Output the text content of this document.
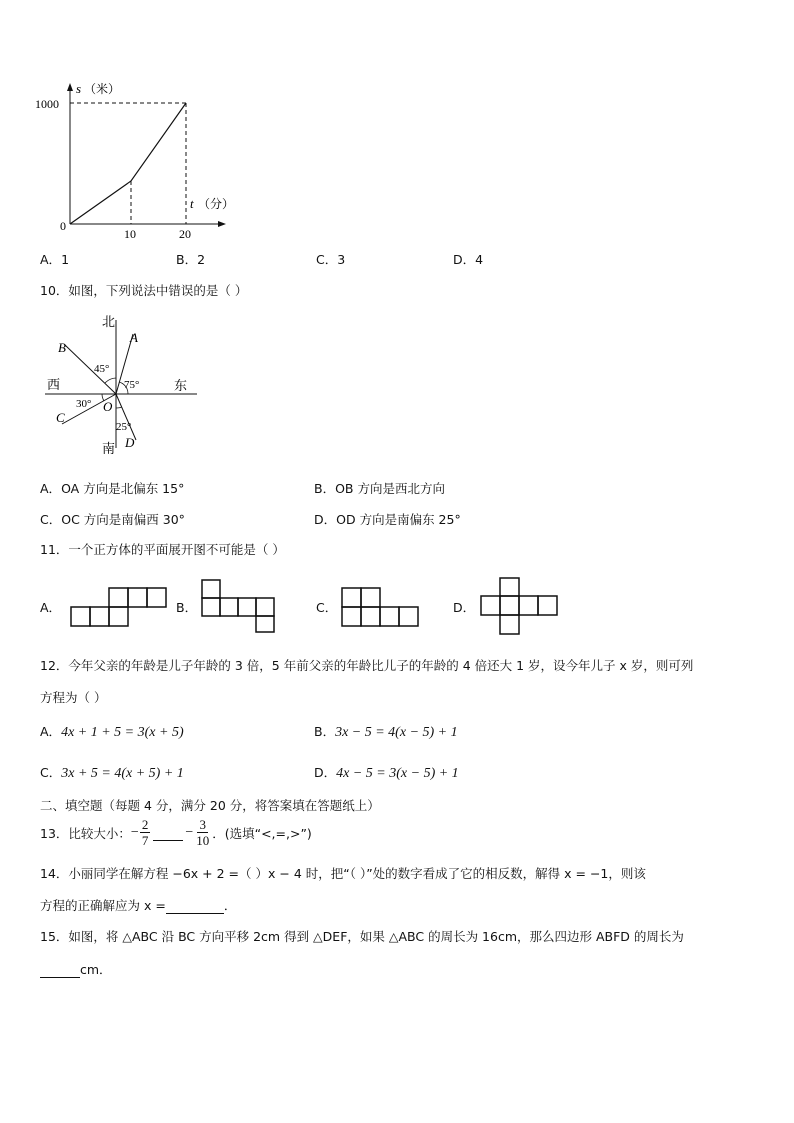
s （米）
1000
0
10	20
t （分）
A．1	B．2	C．3	D．4
10．如图，下列说法中错误的是（ ）
北
南
西	东
B
A
C
D
O
45°
75°
30°
25°
A．OA 方向是北偏东 15°	B．OB 方向是西北方向
C．OC 方向是南偏西 30°	D．OD 方向是南偏东 25°
11．一个正方体的平面展开图不可能是（ ）
A．	B．	C．	D．
12．今年父亲的年龄是儿子年龄的 3 倍，5 年前父亲的年龄比儿子的年龄的 4 倍还大 1 岁，设今年儿子 x 岁，则可列
方程为（ ）
A．4x + 1 + 5 = 3(x + 5)	B．3x − 5 = 4(x − 5) + 1
C．3x + 5 = 4(x + 5) + 1	D．4x − 5 = 3(x − 5) + 1
二、填空题（每题 4 分，满分 20 分，将答案填在答题纸上）
13．比较大小： − $\frac{2}{7}$
	− $\frac{3}{10}$ ．(选填“<,=,>”)
14．小丽同学在解方程 −6x + 2 =（ ）x − 4 时，把“（ ）”处的数字看成了它的相反数，解得 x = −1，则该
方程的正确解应为 x =	．
15．如图，将 △ABC 沿 BC 方向平移 2cm 得到 △DEF，如果 △ABC 的周长为 16cm，那么四边形 ABFD 的周长为
cm．
